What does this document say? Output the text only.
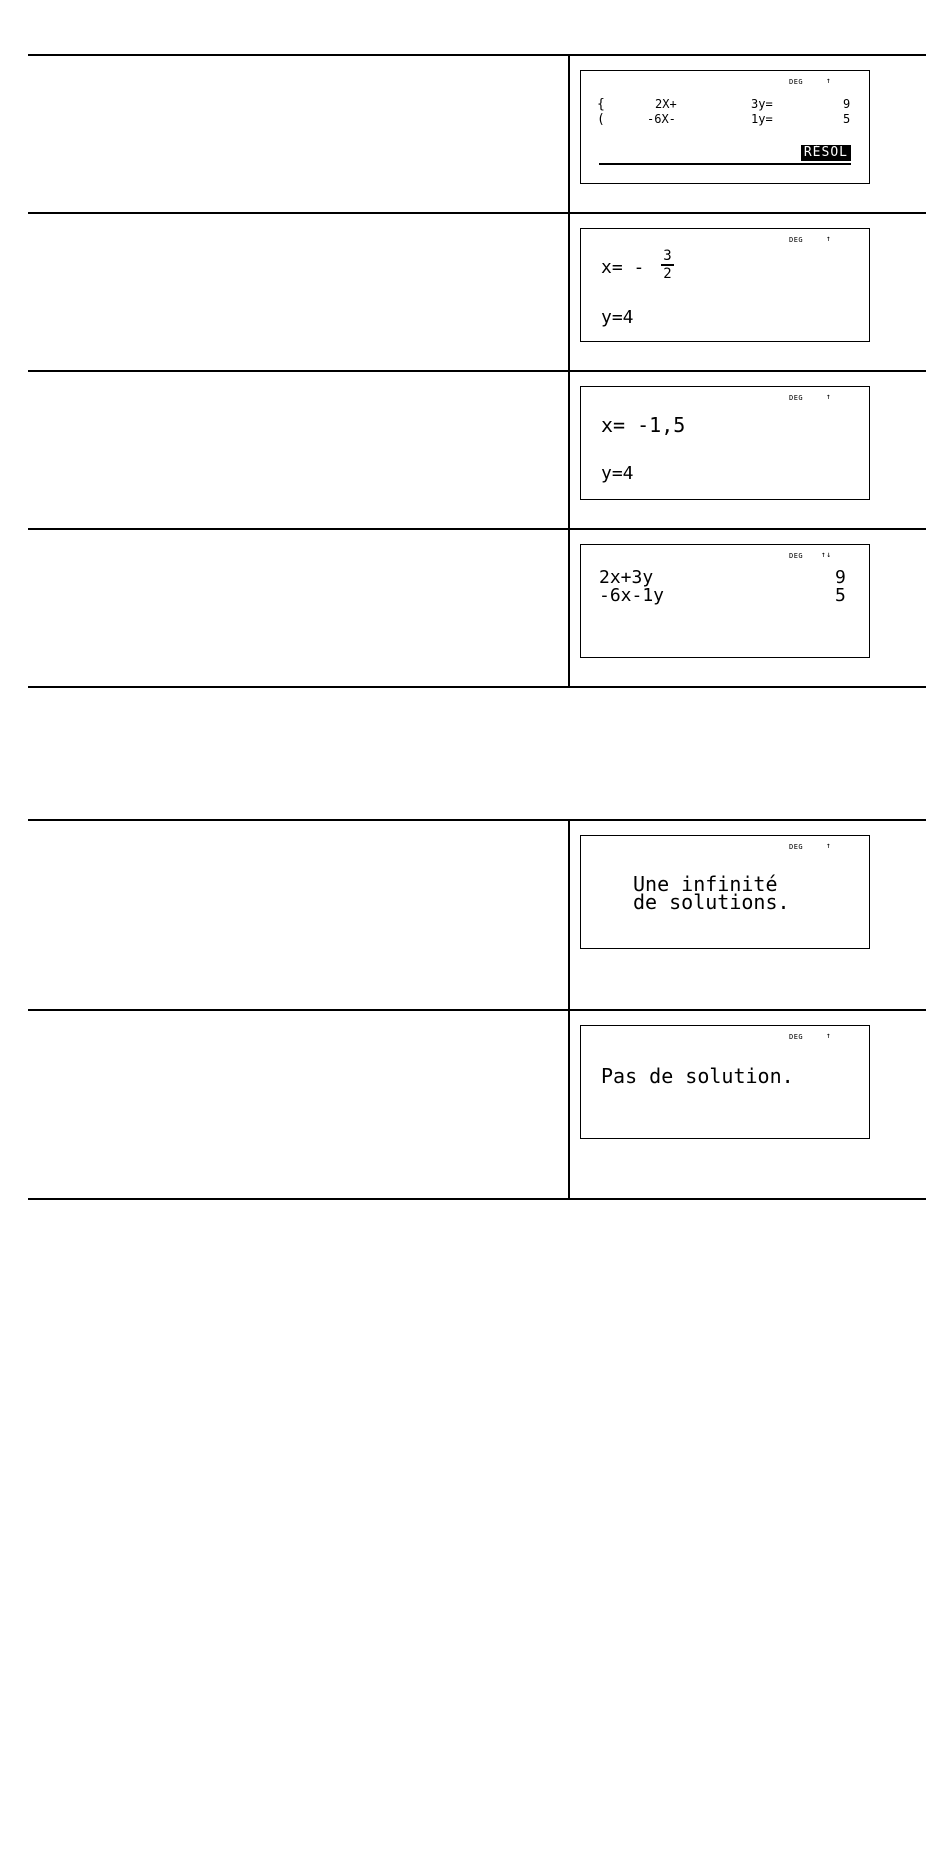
DEG	↑
{
(
2X+	3y=	9
-6X-	1y=	5
RÉSOL
DEG	↑
x= -
3
2
y=4
DEG	↑
x= -1,5
y=4
DEG ↑↓
2x+3y	9
-6x-1y	5
DEG	↑
Une infinité
de solutions.
DEG	↑
Pas de solution.
